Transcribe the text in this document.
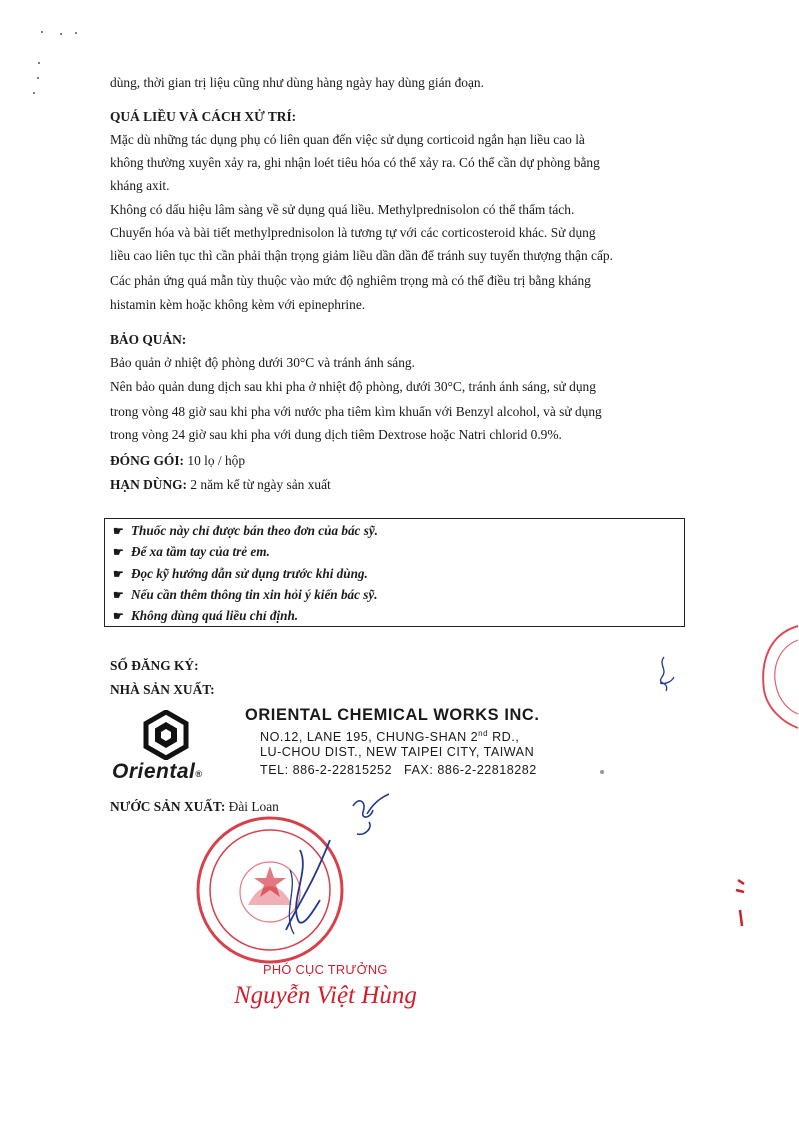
dùng, thời gian trị liệu cũng như dùng hàng ngày hay dùng gián đoạn.
QUÁ LIỀU VÀ CÁCH XỬ TRÍ:
Mặc dù những tác dụng phụ có liên quan đến việc sử dụng corticoid ngắn hạn liều cao là
không thường xuyên xảy ra, ghi nhận loét tiêu hóa có thể xảy ra. Có thể cần dự phòng bằng
kháng axit.
Không có dấu hiệu lâm sàng về sử dụng quá liều. Methylprednisolon có thể thẩm tách.
Chuyển hóa và bài tiết methylprednisolon là tương tự với các corticosteroid khác. Sử dụng
liều cao liên tục thì cần phải thận trọng giảm liều dần dần để tránh suy tuyến thượng thận cấp.
Các phản ứng quá mẫn tùy thuộc vào mức độ nghiêm trọng mà có thể điều trị bằng kháng
histamin kèm hoặc không kèm với epinephrine.
BẢO QUẢN:
Bảo quản ở nhiệt độ phòng dưới 30°C và tránh ánh sáng.
Nên bảo quản dung dịch sau khi pha ở nhiệt độ phòng, dưới 30°C, tránh ánh sáng, sử dụng
trong vòng 48 giờ sau khi pha với nước pha tiêm kìm khuẩn với Benzyl alcohol, và sử dụng
trong vòng 24 giờ sau khi pha với dung dịch tiêm Dextrose hoặc Natri chlorid 0.9%.
ĐÓNG GÓI: 10 lọ / hộp
HẠN DÙNG: 2 năm kể từ ngày sản xuất
☛ Thuốc này chỉ được bán theo đơn của bác sỹ.
☛ Để xa tầm tay của trẻ em.
☛ Đọc kỹ hướng dẫn sử dụng trước khi dùng.
☛ Nếu cần thêm thông tin xin hỏi ý kiến bác sỹ.
☛ Không dùng quá liều chỉ định.
SỐ ĐĂNG KÝ:
NHÀ SẢN XUẤT:
Oriental®
ORIENTAL CHEMICAL WORKS INC.
NO.12, LANE 195, CHUNG-SHAN 2nd RD.,
LU-CHOU DIST., NEW TAIPEI CITY, TAIWAN
TEL: 886-2-22815252   FAX: 886-2-22818282
NƯỚC SẢN XUẤT: Đài Loan
PHÓ CỤC TRƯỞNG
Nguyễn Việt Hùng
